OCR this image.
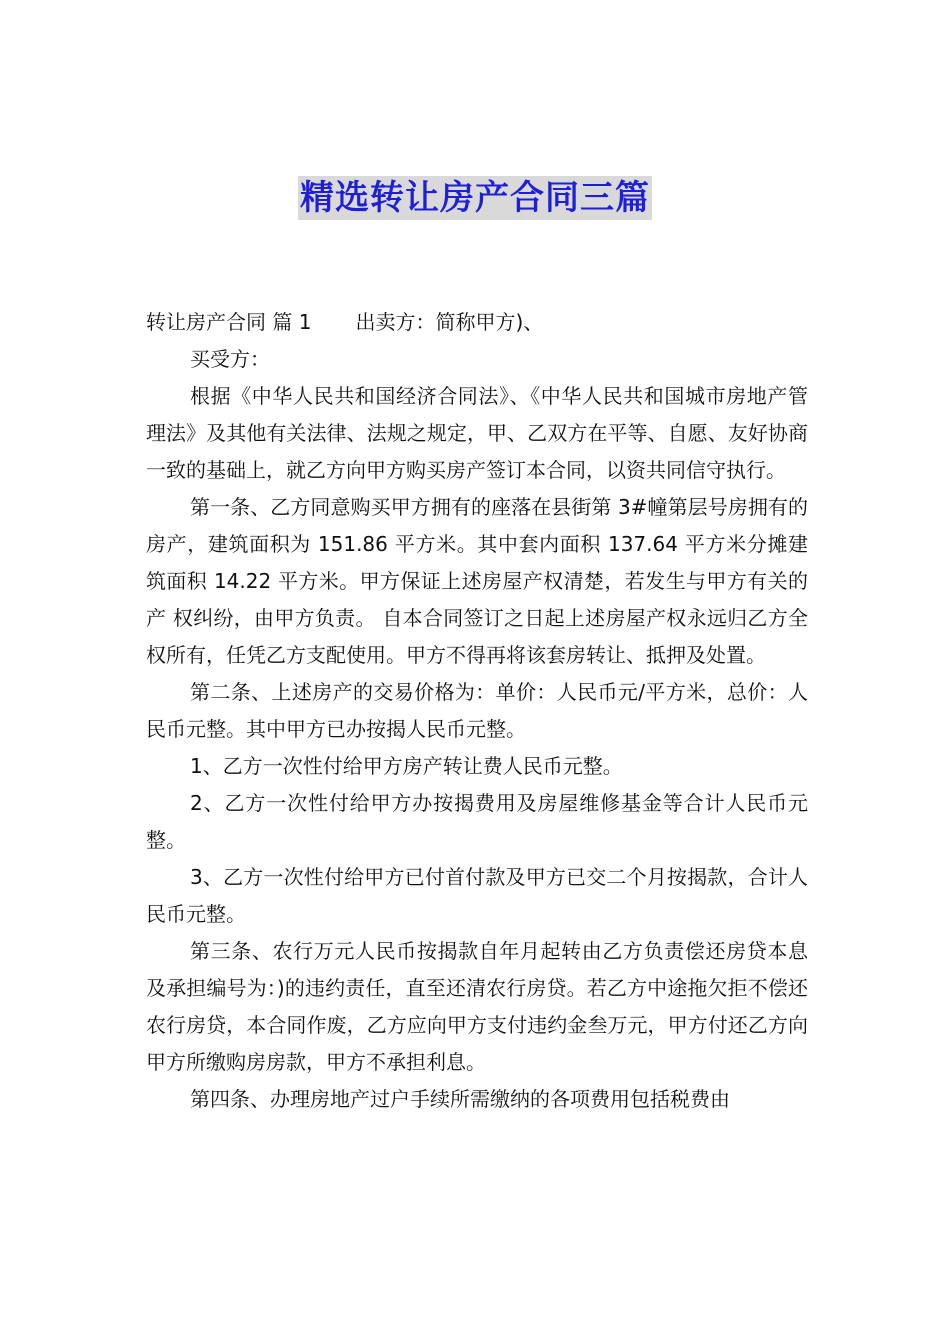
精选转让房产合同三篇

转让房产合同 篇 1 出卖方：简称甲方)、

买受方：

根据《中华人民共和国经济合同法》、《中华人民共和国城市房地产管理法》及其他有关法律、法规之规定，甲、乙双方在平等、自愿、友好协商一致的基础上，就乙方向甲方购买房产签订本合同，以资共同信守执行。

第一条、乙方同意购买甲方拥有的座落在县街第 3#幢第层号房拥有的房产，建筑面积为 151.86 平方米。其中套内面积 137.64 平方米分摊建筑面积 14.22 平方米。甲方保证上述房屋产权清楚，若发生与甲方有关的产 权纠纷，由甲方负责。 自本合同签订之日起上述房屋产权永远归乙方全权所有，任凭乙方支配使用。甲方不得再将该套房转让、抵押及处置。

第二条、上述房产的交易价格为：单价：人民币元/平方米，总价：人民币元整。其中甲方已办按揭人民币元整。

1、乙方一次性付给甲方房产转让费人民币元整。

2、乙方一次性付给甲方办按揭费用及房屋维修基金等合计人民币元整。

3、乙方一次性付给甲方已付首付款及甲方已交二个月按揭款，合计人民币元整。

第三条、农行万元人民币按揭款自年月起转由乙方负责偿还房贷本息及承担编号为：)的违约责任，直至还清农行房贷。若乙方中途拖欠拒不偿还农行房贷，本合同作废，乙方应向甲方支付违约金叁万元，甲方付还乙方向甲方所缴购房房款，甲方不承担利息。

第四条、办理房地产过户手续所需缴纳的各项费用包括税费由
